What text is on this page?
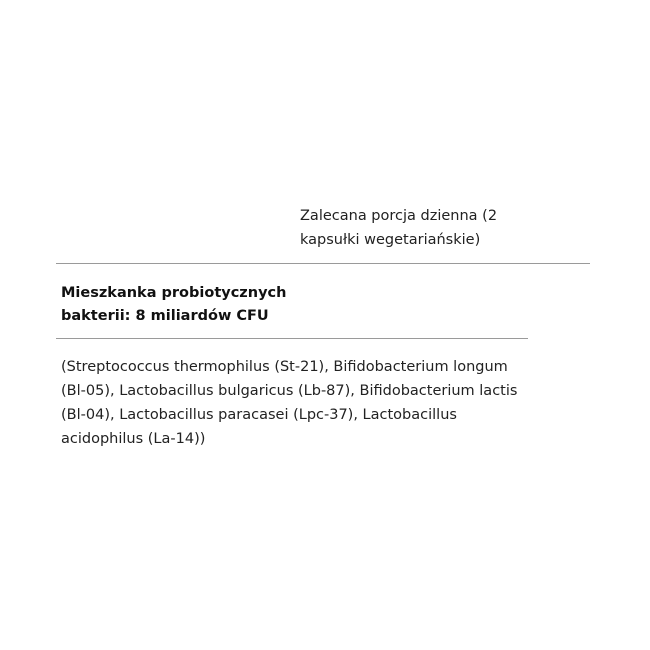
Zalecana porcja dzienna (2 kapsułki wegetariańskie)
Mieszkanka probiotycznych bakterii: 8 miliardów CFU
(Streptococcus thermophilus (St-21), Bifidobacterium longum (Bl-05), Lactobacillus bulgaricus (Lb-87), Bifidobacterium lactis (Bl-04), Lactobacillus paracasei (Lpc-37), Lactobacillus acidophilus (La-14))
